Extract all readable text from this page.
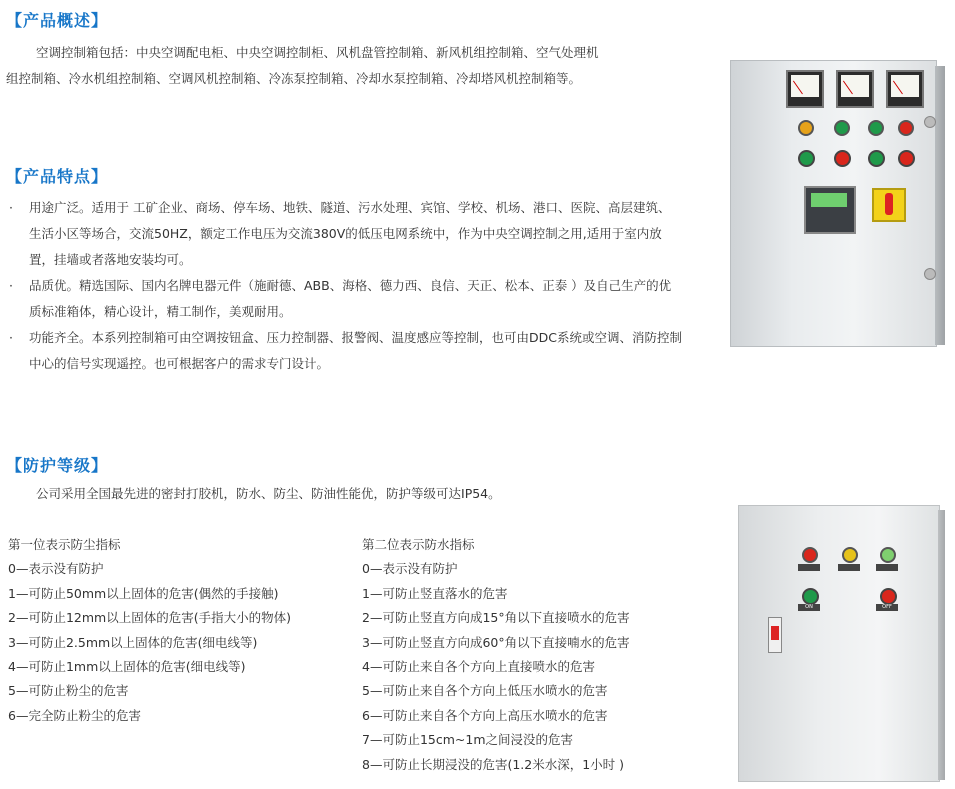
【产品概述】
空调控制箱包括：中央空调配电柜、中央空调控制柜、风机盘管控制箱、新风机组控制箱、空气处理机
组控制箱、冷水机组控制箱、空调风机控制箱、冷冻泵控制箱、冷却水泵控制箱、冷却塔风机控制箱等。
【产品特点】
· 用途广泛。适用于 工矿企业、商场、停车场、地铁、隧道、污水处理、宾馆、学校、机场、港口、医院、高层建筑、生活小区等场合，交流50HZ，额定工作电压为交流380V的低压电网系统中，作为中央空调控制之用,适用于室内放置，挂墙或者落地安装均可。
· 品质优。精选国际、国内名牌电器元件（施耐德、ABB、海格、德力西、良信、天正、松本、正泰 ）及自己生产的优质标准箱体，精心设计，精工制作，美观耐用。
· 功能齐全。本系列控制箱可由空调按钮盒、压力控制器、报警阀、温度感应等控制，也可由DDC系统或空调、消防控制中心的信号实现遥控。也可根据客户的需求专门设计。
【防护等级】
公司采用全国最先进的密封打胶机，防水、防尘、防油性能优，防护等级可达IP54。
第一位表示防尘指标
0—表示没有防护
1—可防止50mm以上固体的危害(偶然的手接触)
2—可防止12mm以上固体的危害(手指大小的物体)
3—可防止2.5mm以上固体的危害(细电线等)
4—可防止1mm以上固体的危害(细电线等)
5—可防止粉尘的危害
6—完全防止粉尘的危害
第二位表示防水指标
0—表示没有防护
1—可防止竖直落水的危害
2—可防止竖直方向成15°角以下直接喷水的危害
3—可防止竖直方向成60°角以下直接喃水的危害
4—可防止来自各个方向上直接喷水的危害
5—可防止来自各个方向上低压水喷水的危害
6—可防止来自各个方向上高压水喷水的危害
7—可防止15cm~1m之间浸没的危害
8—可防止长期浸没的危害(1.2米水深，1小时 )
ON	OFF
